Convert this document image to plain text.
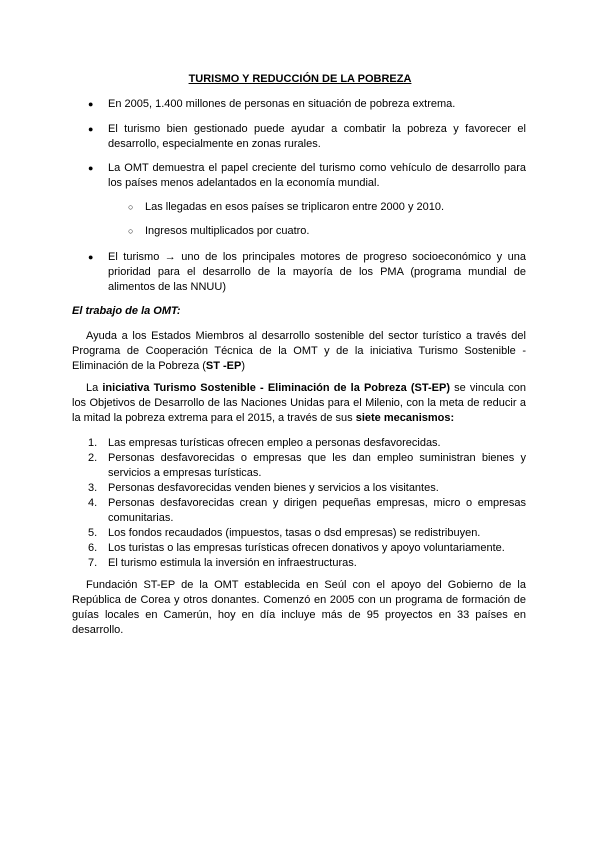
TURISMO Y REDUCCIÓN DE LA POBREZA
● En 2005, 1.400 millones de personas en situación de pobreza extrema.
● El turismo bien gestionado puede ayudar a combatir la pobreza y favorecer el desarrollo, especialmente en zonas rurales.
● La OMT demuestra el papel creciente del turismo como vehículo de desarrollo para los países menos adelantados en la economía mundial.
○ Las llegadas en esos países se triplicaron entre 2000 y 2010.
○ Ingresos multiplicados por cuatro.
● El turismo → uno de los principales motores de progreso socioeconómico y una prioridad para el desarrollo de la mayoría de los PMA (programa mundial de alimentos de las NNUU)
El trabajo de la OMT:
Ayuda a los Estados Miembros al desarrollo sostenible del sector turístico a través del Programa de Cooperación Técnica de la OMT y de la iniciativa Turismo Sostenible - Eliminación de la Pobreza (ST -EP)
La iniciativa Turismo Sostenible - Eliminación de la Pobreza (ST-EP) se vincula con los Objetivos de Desarrollo de las Naciones Unidas para el Milenio, con la meta de reducir a la mitad la pobreza extrema para el 2015, a través de sus siete mecanismos:
1. Las empresas turísticas ofrecen empleo a personas desfavorecidas.
2. Personas desfavorecidas o empresas que les dan empleo suministran bienes y servicios a empresas turísticas.
3. Personas desfavorecidas venden bienes y servicios a los visitantes.
4. Personas desfavorecidas crean y dirigen pequeñas empresas, micro o empresas comunitarias.
5. Los fondos recaudados (impuestos, tasas o dsd empresas) se redistribuyen.
6. Los turistas o las empresas turísticas ofrecen donativos y apoyo voluntariamente.
7. El turismo estimula la inversión en infraestructuras.
Fundación ST-EP de la OMT establecida en Seúl con el apoyo del Gobierno de la República de Corea y otros donantes. Comenzó en 2005 con un programa de formación de guías locales en Camerún, hoy en día incluye más de 95 proyectos en 33 países en desarrollo.
